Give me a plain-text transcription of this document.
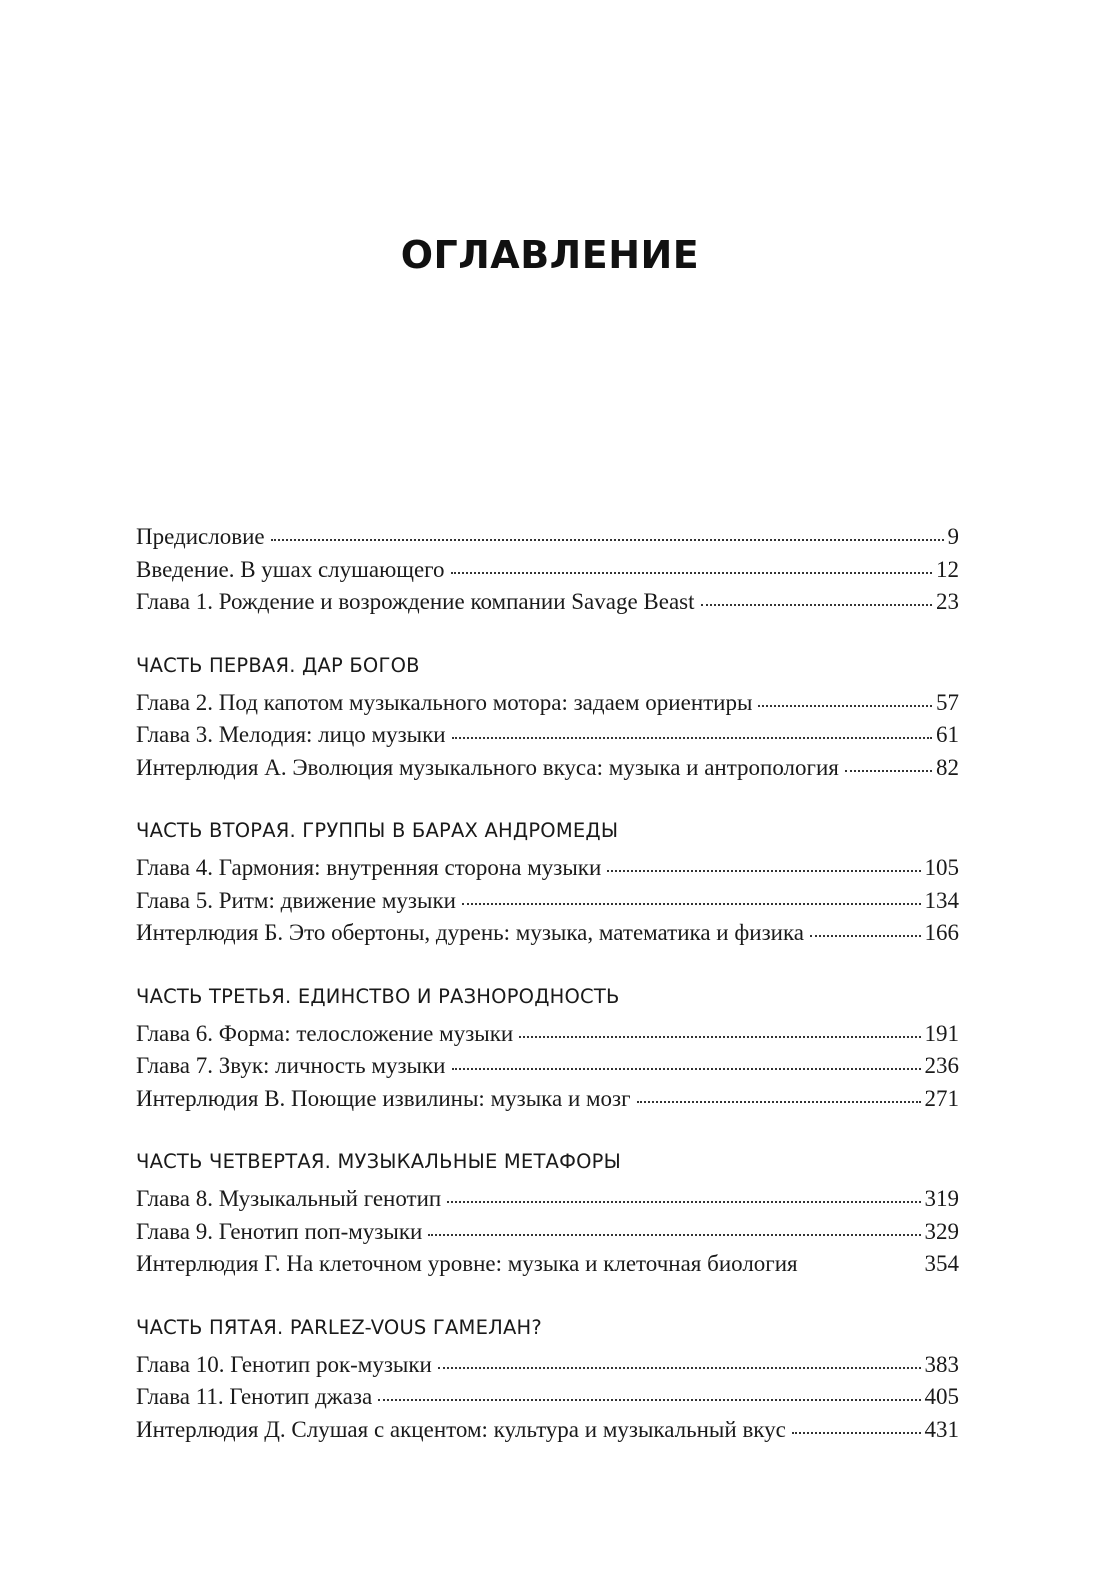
ОГЛАВЛЕНИЕ
Предисловие	9
Введение. В ушах слушающего	12
Глава 1. Рождение и возрождение компании Savage Beast	23
ЧАСТЬ ПЕРВАЯ. ДАР БОГОВ
Глава 2. Под капотом музыкального мотора: задаем ориентиры	57
Глава 3. Мелодия: лицо музыки	61
Интерлюдия А. Эволюция музыкального вкуса: музыка и антропология	82
ЧАСТЬ ВТОРАЯ. ГРУППЫ В БАРАХ АНДРОМЕДЫ
Глава 4. Гармония: внутренняя сторона музыки	105
Глава 5. Ритм: движение музыки	134
Интерлюдия Б. Это обертоны, дурень: музыка, математика и физика	166
ЧАСТЬ ТРЕТЬЯ. ЕДИНСТВО И РАЗНОРОДНОСТЬ
Глава 6. Форма: телосложение музыки	191
Глава 7. Звук: личность музыки	236
Интерлюдия В. Поющие извилины: музыка и мозг	271
ЧАСТЬ ЧЕТВЕРТАЯ. МУЗЫКАЛЬНЫЕ МЕТАФОРЫ
Глава 8. Музыкальный генотип	319
Глава 9. Генотип поп-музыки	329
Интерлюдия Г. На клеточном уровне: музыка и клеточная биология	354
ЧАСТЬ ПЯТАЯ. PARLEZ-VOUS ГАМЕЛАН?
Глава 10. Генотип рок-музыки	383
Глава 11. Генотип джаза	405
Интерлюдия Д. Слушая с акцентом: культура и музыкальный вкус	431
